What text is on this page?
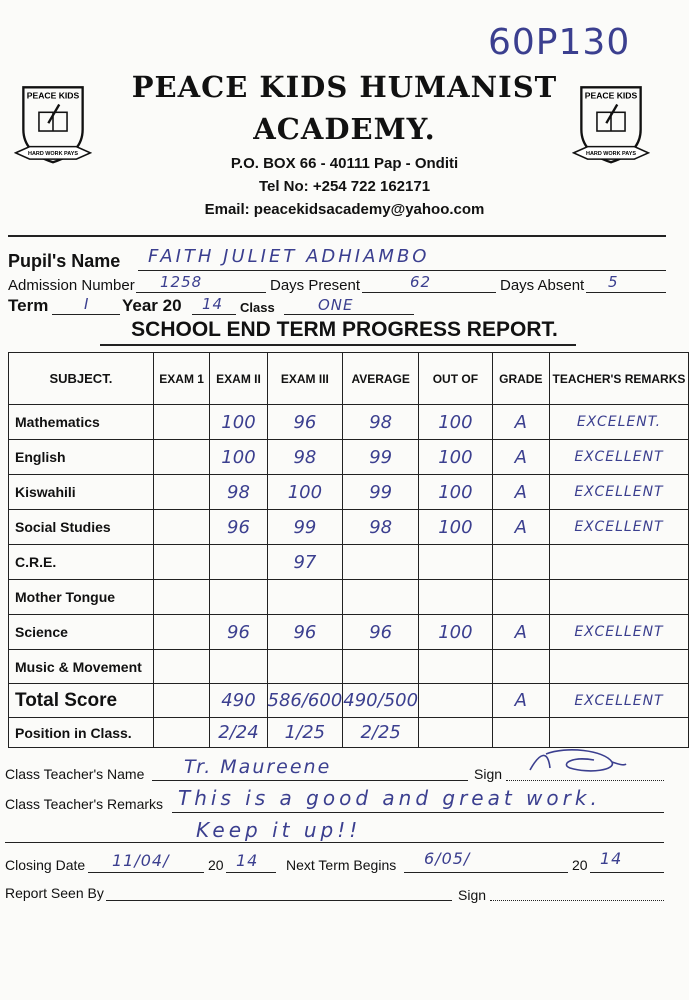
60P130
PEACE KIDS
HARD WORK PAYS
PEACE KIDS
HARD WORK PAYS
PEACE KIDS HUMANIST
ACADEMY.
P.O. BOX 66 - 40111 Pap - Onditi
Tel No: +254 722 162171
Email: peacekidsacademy@yahoo.com
Pupil's Name FAITH JULIET ADHIAMBO
Admission Number 1258	Days Present	62	Days Absent 5
Term I Year 20 14 Class	ONE
SCHOOL END TERM PROGRESS REPORT.
SUBJECT.	EXAM 1	EXAM II	EXAM III	AVERAGE	OUT OF	GRADE	TEACHER'S REMARKS
Mathematics		100	96	98	100	A	EXCELENT.
English		100	98	99	100	A	EXCELLENT
Kiswahili		98	100	99	100	A	EXCELLENT
Social Studies		96	99	98	100	A	EXCELLENT
C.R.E.			97				
Mother Tongue							
Science		96	96	96	100	A	EXCELLENT
Music & Movement							
Total Score		490	586/600	490/500		A	EXCELLENT
Position in Class.		2/24	1/25	2/25			
Class Teacher's Name Tr. Maureene	Sign
Class Teacher's Remarks This is a good and great work.
Keep it up!!
Closing Date 11/04/	20 14 Next Term Begins 6/05/	20 14
Report Seen By	Sign
